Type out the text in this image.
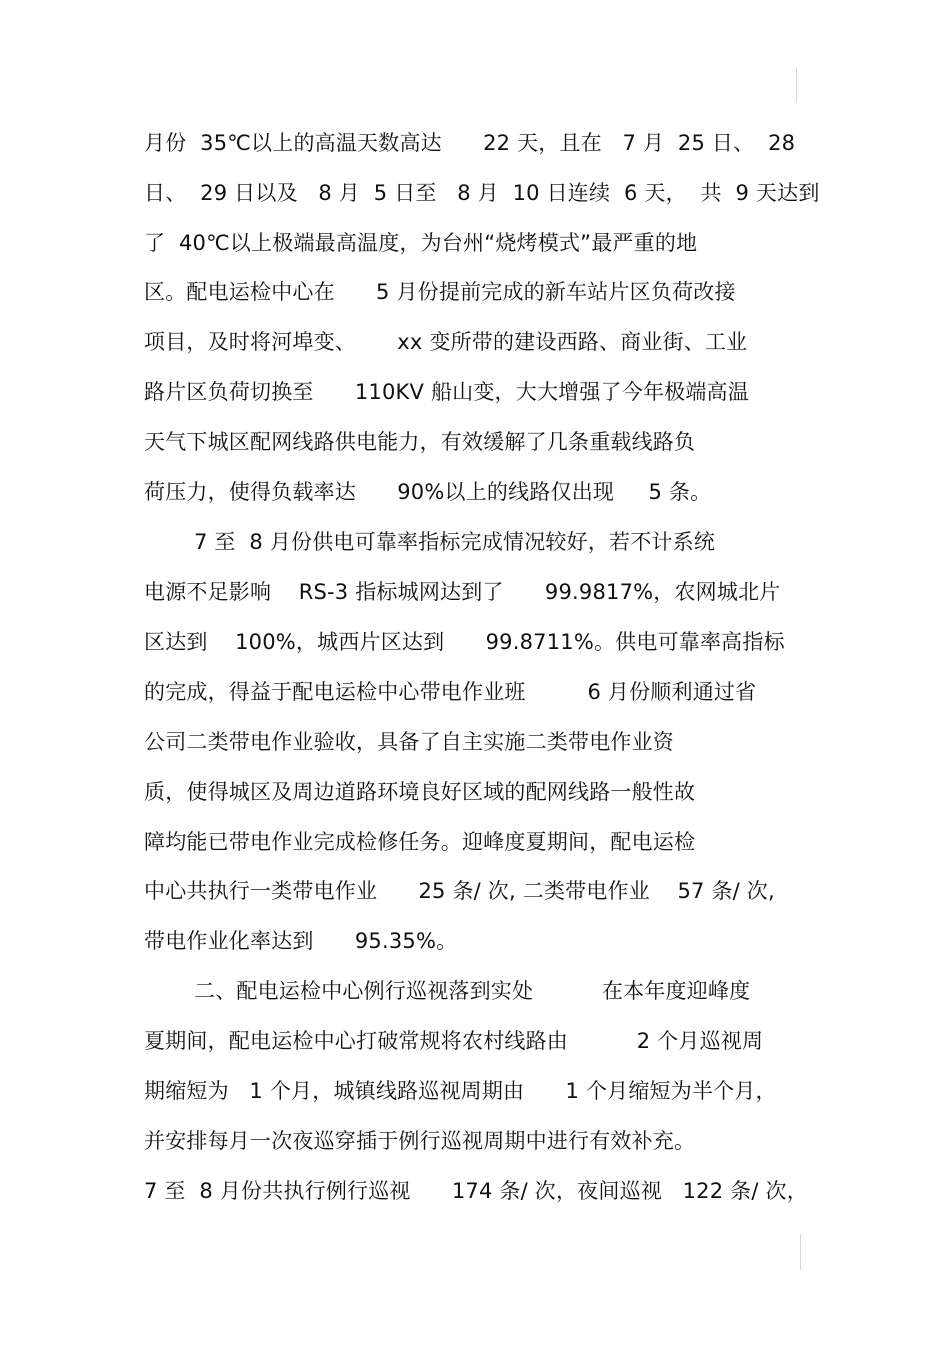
月份  35℃以上的高温天数高达      22 天，且在   7 月  25 日、  28
日、  29 日以及   8 月  5 日至   8 月  10 日连续  6 天，  共  9 天达到
了  40℃以上极端最高温度，为台州“烧烤模式”最严重的地
区。配电运检中心在      5 月份提前完成的新车站片区负荷改接
项目，及时将河埠变、      xx 变所带的建设西路、商业街、工业
路片区负荷切换至      110KV 船山变，大大增强了今年极端高温
天气下城区配网线路供电能力，有效缓解了几条重载线路负
荷压力，使得负载率达      90%以上的线路仅出现     5 条。
7 至  8 月份供电可靠率指标完成情况较好，若不计系统
电源不足影响    RS-3 指标城网达到了      99.9817%，农网城北片
区达到    100%，城西片区达到      99.8711%。供电可靠率高指标
的完成，得益于配电运检中心带电作业班         6 月份顺利通过省
公司二类带电作业验收，具备了自主实施二类带电作业资
质，使得城区及周边道路环境良好区域的配网线路一般性故
障均能已带电作业完成检修任务。迎峰度夏期间，配电运检
中心共执行一类带电作业      25 条/ 次, 二类带电作业    57 条/ 次,
带电作业化率达到      95.35%。
二、配电运检中心例行巡视落到实处          在本年度迎峰度
夏期间，配电运检中心打破常规将农村线路由          2 个月巡视周
期缩短为   1 个月，城镇线路巡视周期由      1 个月缩短为半个月，
并安排每月一次夜巡穿插于例行巡视周期中进行有效补充。
7 至  8 月份共执行例行巡视      174 条/ 次，夜间巡视   122 条/ 次，
